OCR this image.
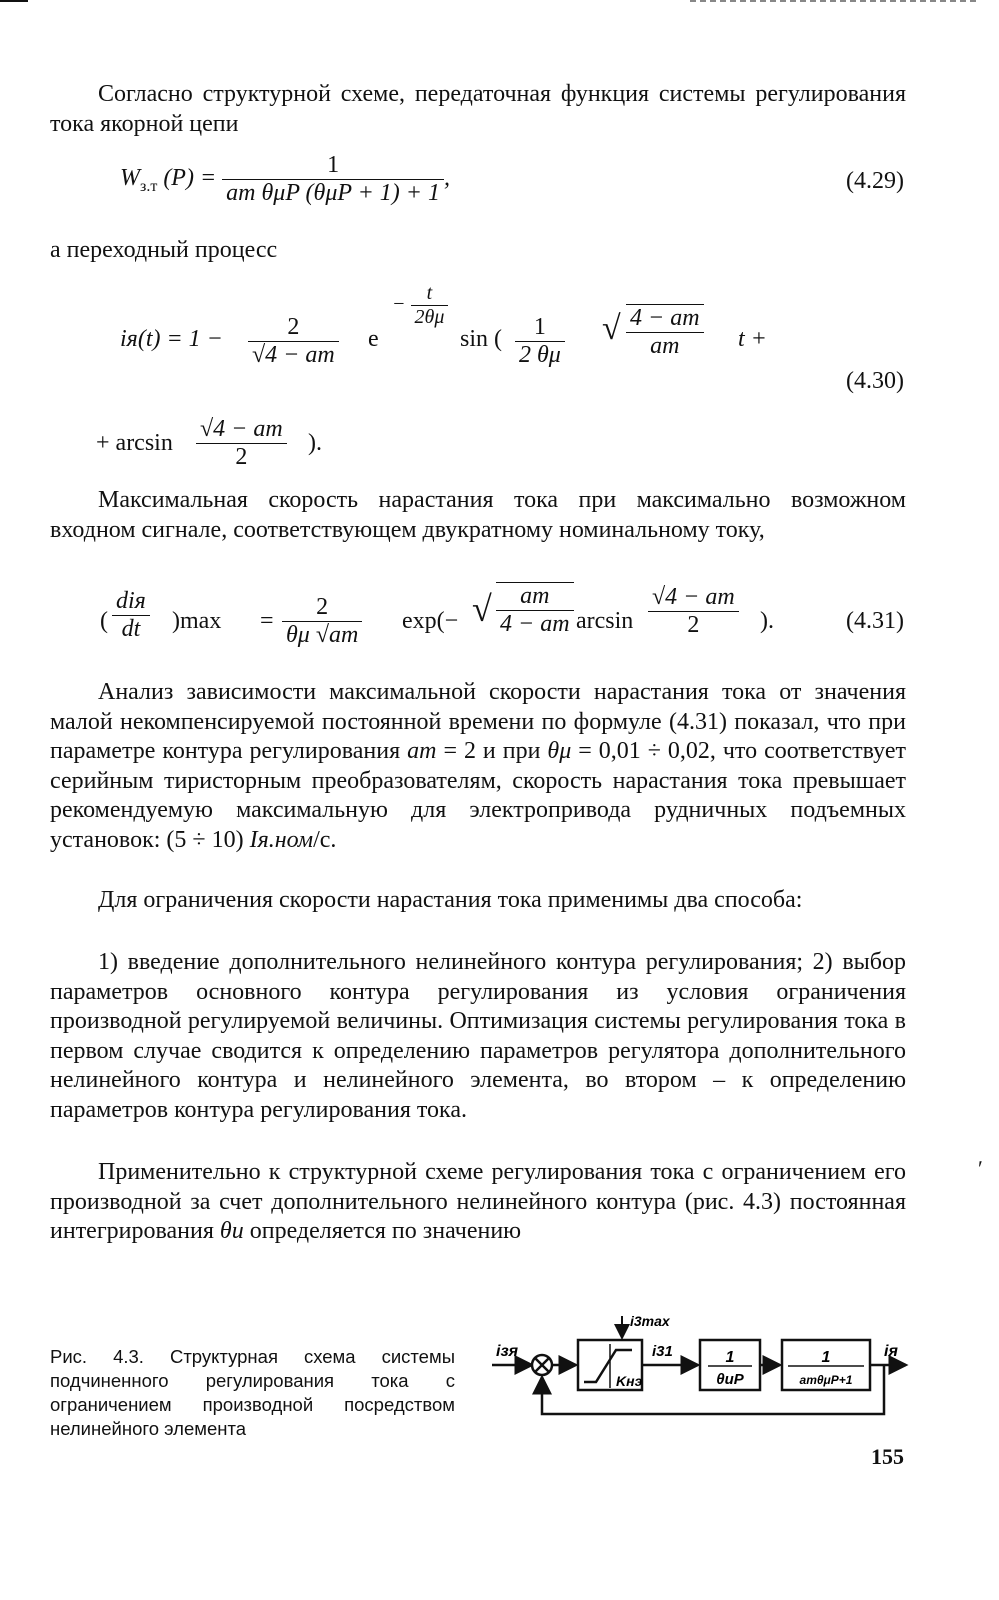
Согласно структурной схеме, передаточная функция системы регулирования тока якорной цепи

$W_{з.т}$ $(P) = \frac{1}{\text{aт θμP (θμP + 1) + 1}}$ ,	(4.29)

а переходный процесс

iя(t) = 1 −	2
√4 − aт
e
− $\frac{t}{2\theta\mu}$
sin ( $\frac{1}{2 \theta\mu}$ √ 4 − aт
aт	t +
(4.30)
+ arcsin
√4 − aт
2
).

Максимальная скорость нарастания тока при максимально возможном входном сигнале, соответствующем двукратному номинальному току,

(
diя
dt	)max =
2
θμ √aт
exp(− √	aт
4 − aт arcsin
√4 − aт
2	).	(4.31)

Анализ зависимости максимальной скорости нарастания тока от значения малой некомпенсируемой постоянной времени по формуле (4.31) показал, что при параметре контура регулирования aт = 2 и при θμ = 0,01 ÷ 0,02, что соответствует серийным тиристорным преобразователям, скорость нарастания тока превышает рекомендуемую максимальную для электропривода рудничных подъемных установок: (5 ÷ 10) Iя.ном/c.

Для ограничения скорости нарастания тока применимы два способа:

1) введение дополнительного нелинейного контура регулирования; 2) выбор параметров основного контура регулирования из условия ограничения производной регулируемой величины. Оптимизация системы регулирования тока в первом случае сводится к определению параметров регулятора дополнительного нелинейного контура и нелинейного элемента, во втором – к определению параметров контура регулирования тока.

Применительно к структурной схеме регулирования тока с ограничением его производной за счет дополнительного нелинейного контура (рис. 4.3) постоянная интегрирования θи определяется по значению

ʹ

Рис. 4.3. Структурная схема системы подчиненного регулирования тока с ограничением производной посредством нелинейного элемента

iзя
Kнэ
i3max
i31	1
θиP
1
aтθμP+1
iя
155
